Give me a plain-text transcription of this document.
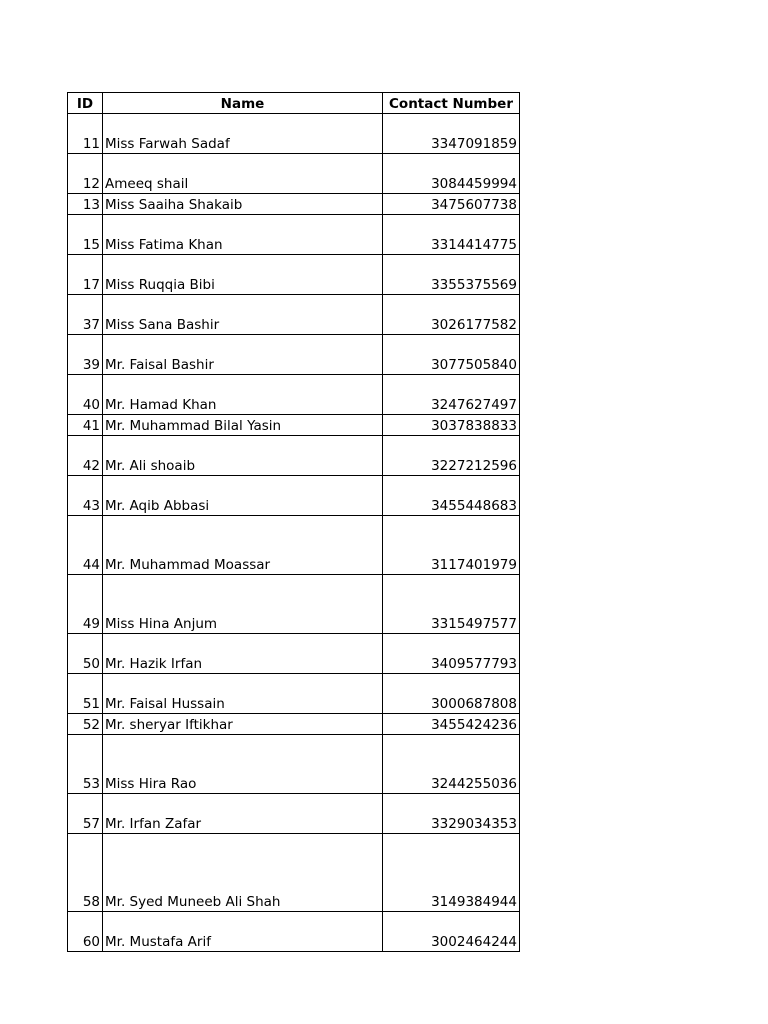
ID	Name	Contact Number
11	Miss Farwah Sadaf	3347091859
12	Ameeq shail	3084459994
13	Miss Saaiha Shakaib	3475607738
15	Miss Fatima Khan	3314414775
17	Miss Ruqqia Bibi	3355375569
37	Miss Sana Bashir	3026177582
39	Mr. Faisal Bashir	3077505840
40	Mr. Hamad Khan	3247627497
41	Mr. Muhammad Bilal Yasin	3037838833
42	Mr. Ali shoaib	3227212596
43	Mr. Aqib Abbasi	3455448683
44	Mr. Muhammad Moassar	3117401979
49	Miss Hina Anjum	3315497577
50	Mr. Hazik Irfan	3409577793
51	Mr. Faisal Hussain	3000687808
52	Mr. sheryar Iftikhar	3455424236
53	Miss Hira Rao	3244255036
57	Mr. Irfan Zafar	3329034353
58	Mr. Syed Muneeb Ali Shah	3149384944
60	Mr. Mustafa Arif	3002464244
